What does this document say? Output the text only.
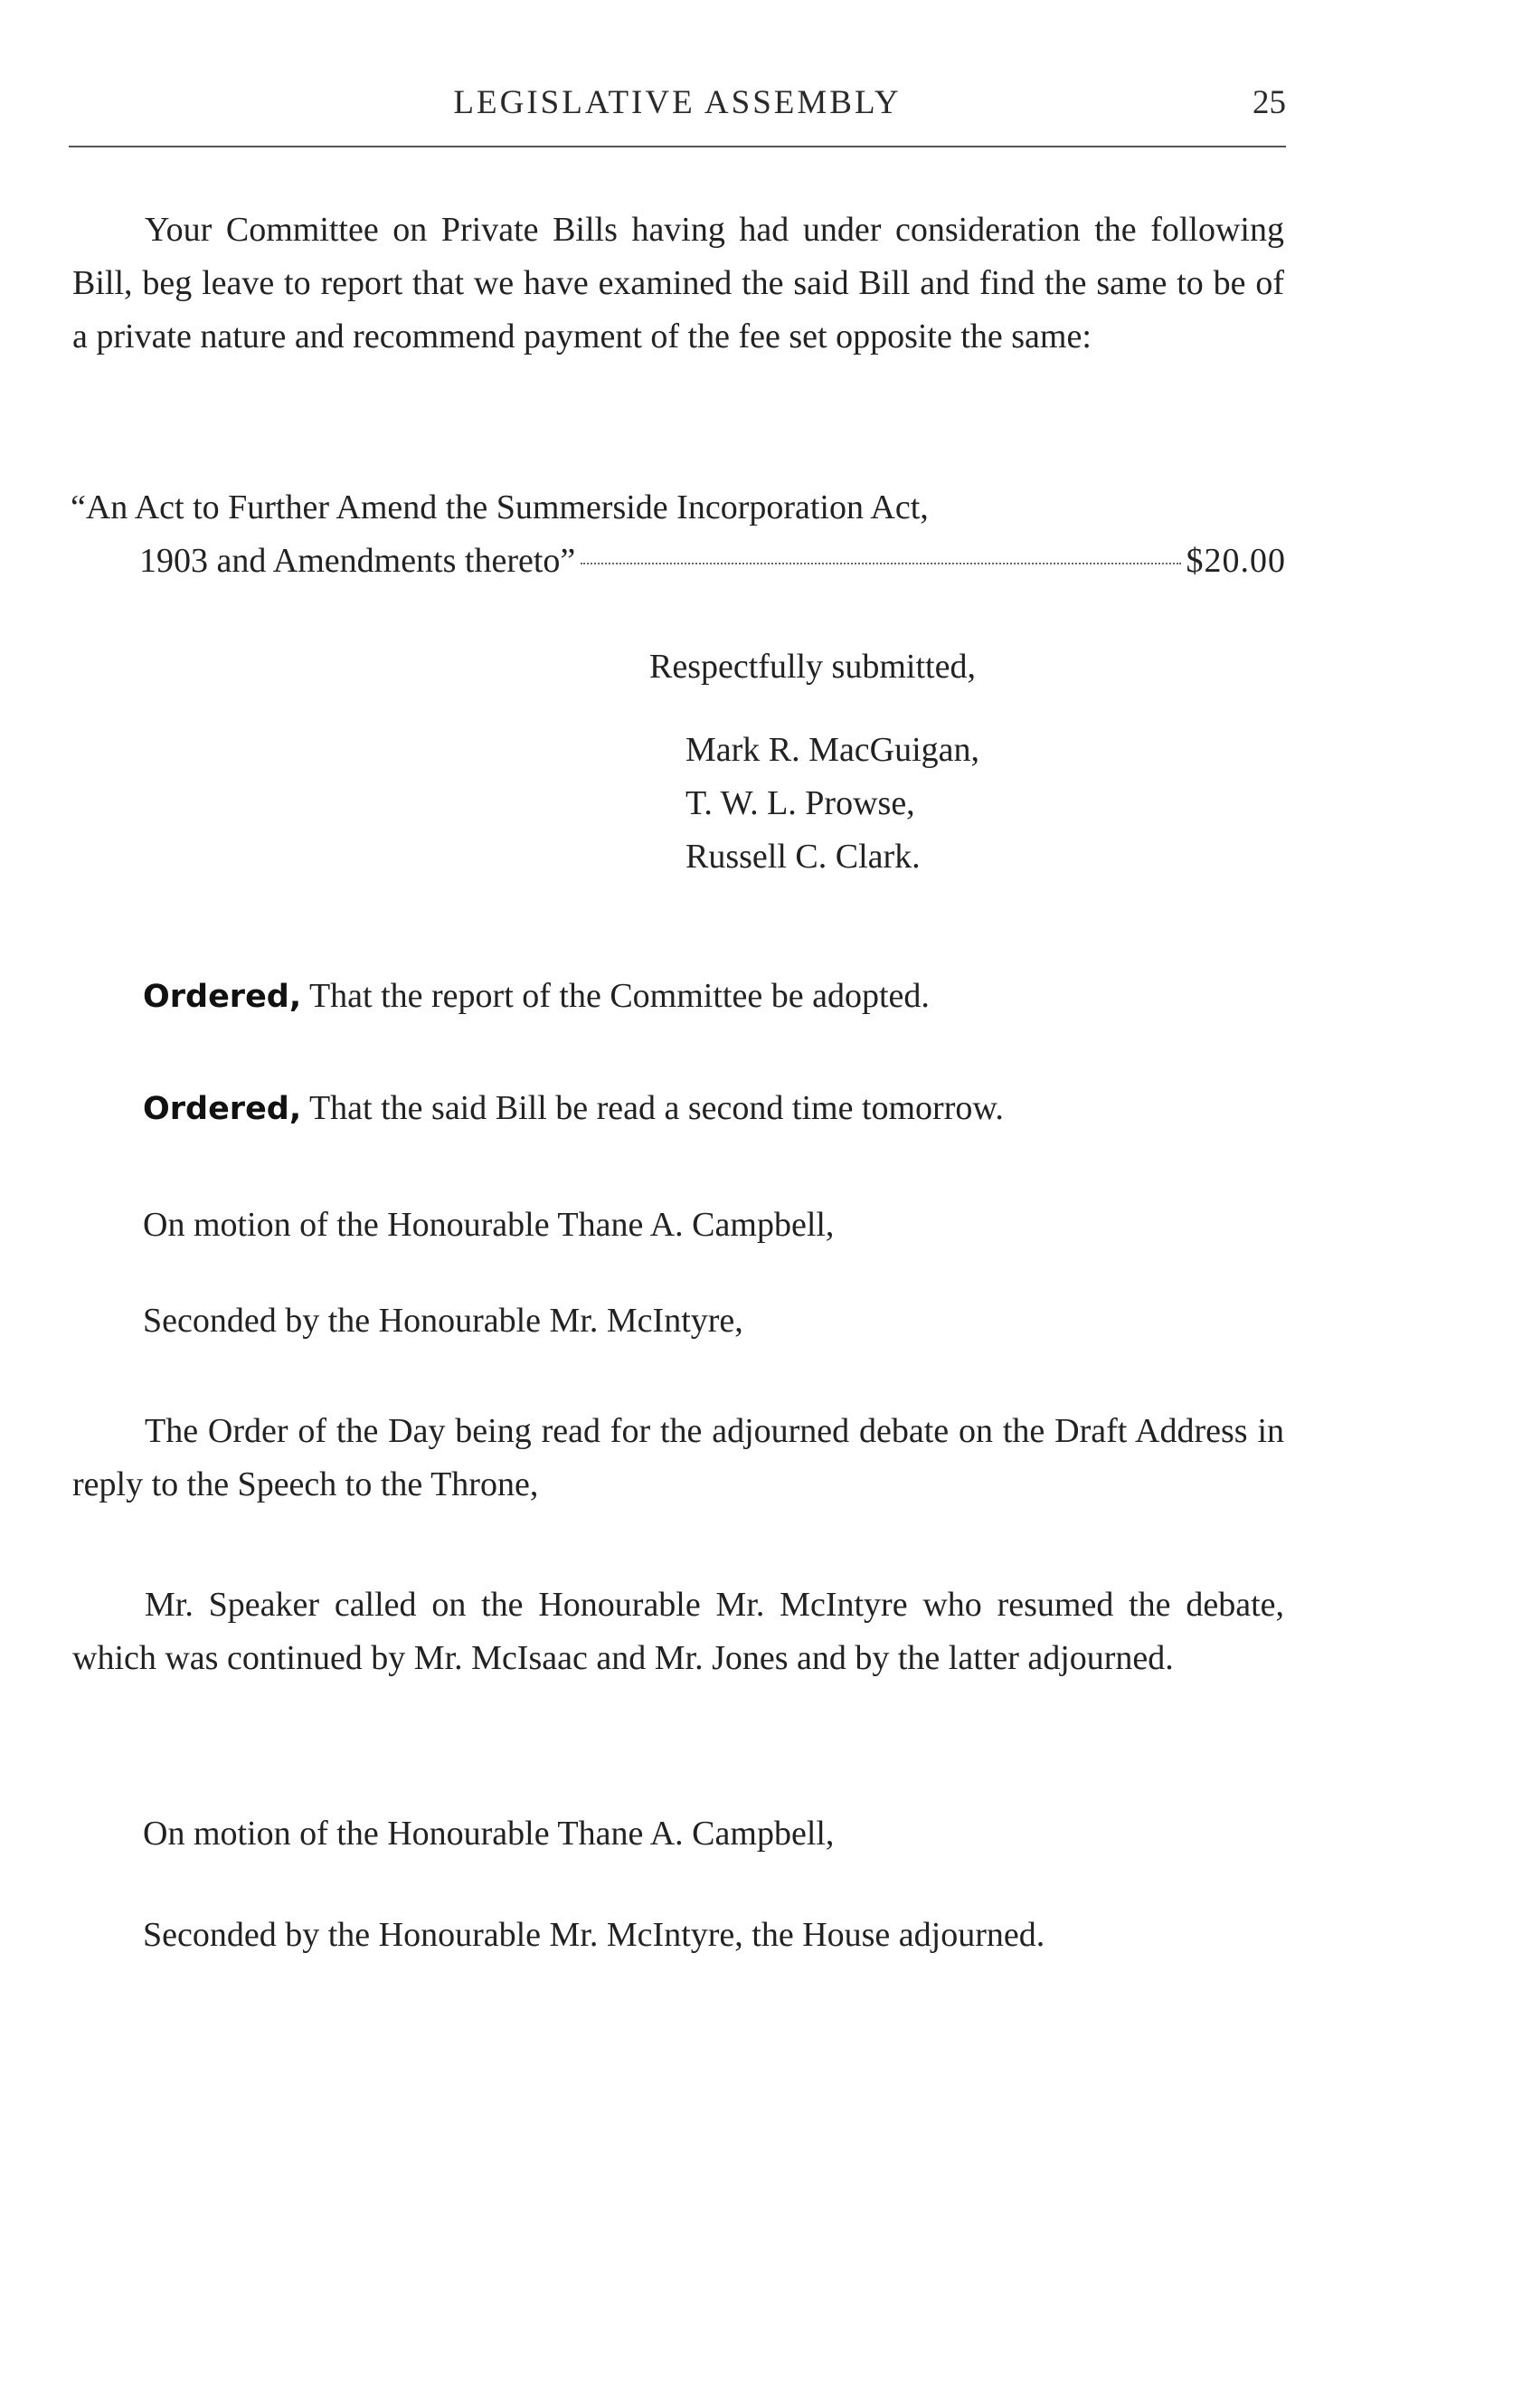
LEGISLATIVE ASSEMBLY	25

Your Committee on Private Bills having had under consideration the following Bill, beg leave to report that we have examined the said Bill and find the same to be of a private nature and recommend payment of the fee set opposite the same:

“An Act to Further Amend the Summerside Incorporation Act,
1903 and Amendments thereto”	$20.00
Respectfully submitted,
Mark R. MacGuigan,
T. W. L. Prowse,
Russell C. Clark.

Ordered, That the report of the Committee be adopted.

Ordered, That the said Bill be read a second time tomorrow.

On motion of the Honourable Thane A. Campbell,

Seconded by the Honourable Mr. McIntyre,

The Order of the Day being read for the adjourned debate on the Draft Address in reply to the Speech to the Throne,

Mr. Speaker called on the Honourable Mr. McIntyre who resumed the debate, which was continued by Mr. McIsaac and Mr. Jones and by the latter adjourned.

On motion of the Honourable Thane A. Campbell,

Seconded by the Honourable Mr. McIntyre, the House adjourned.
